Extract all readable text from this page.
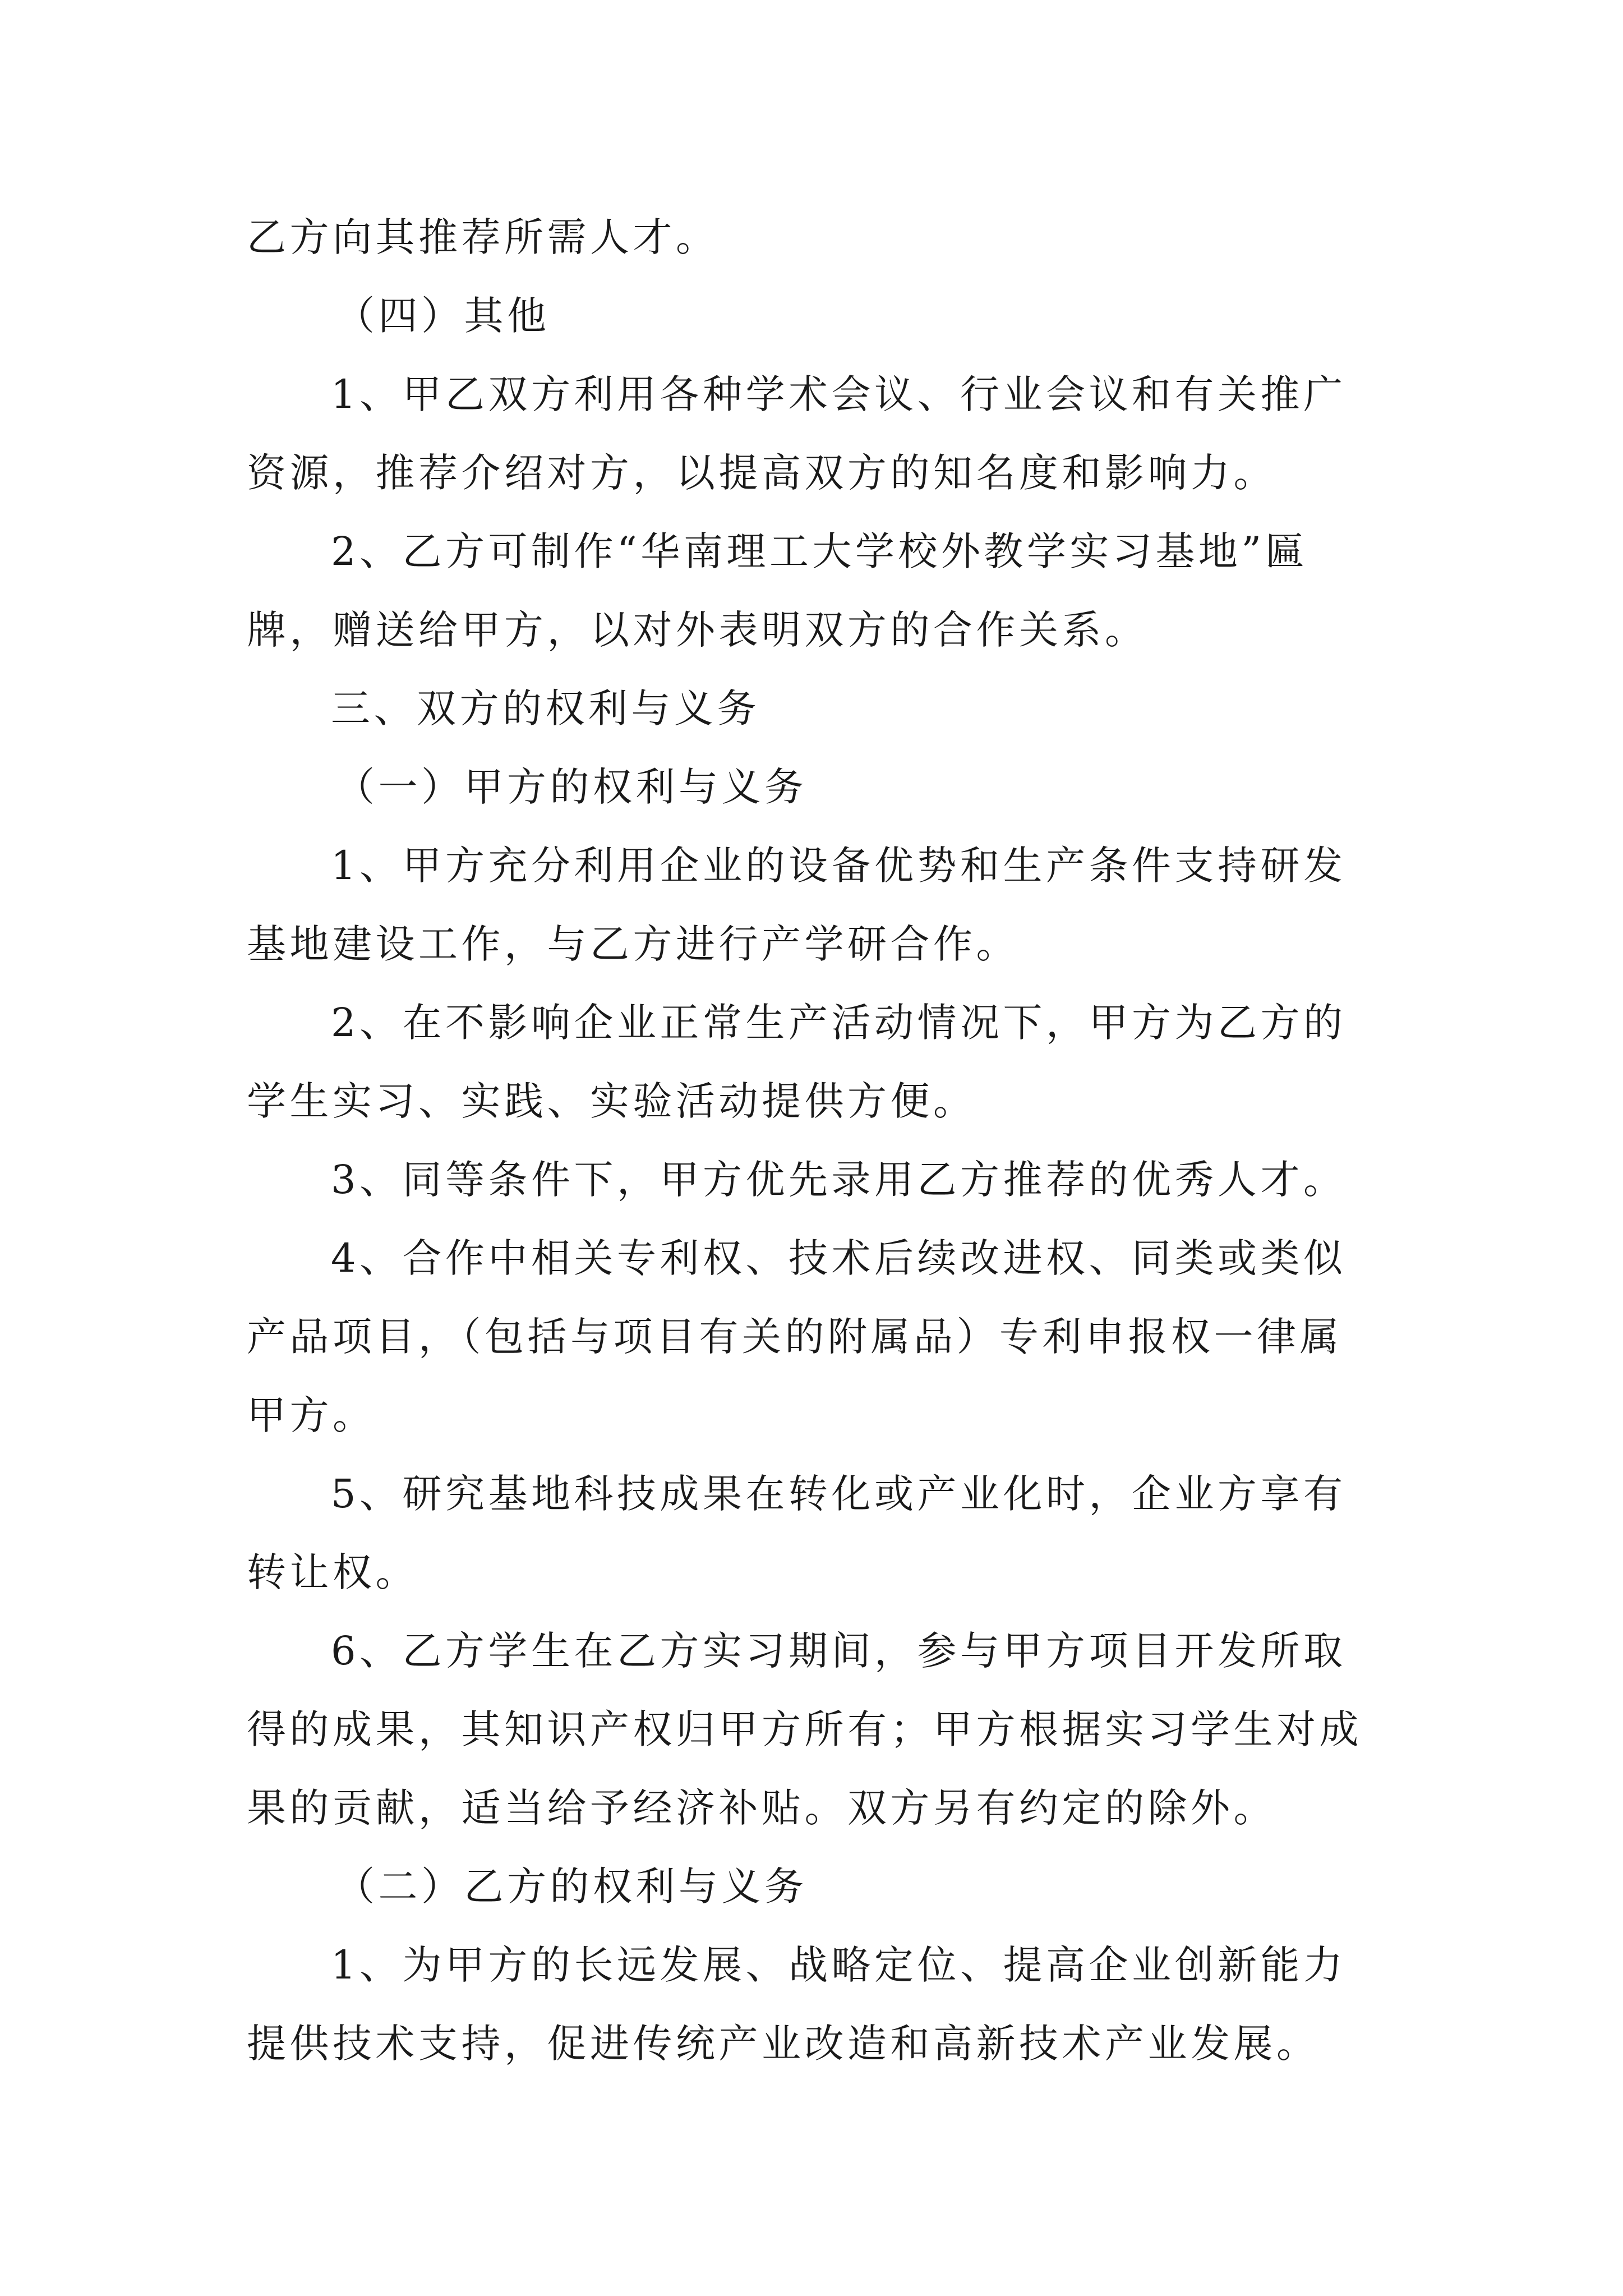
乙方向其推荐所需人才。
（四）其他
1、甲乙双方利用各种学术会议、行业会议和有关推广
资源，推荐介绍对方，以提高双方的知名度和影响力。
2、乙方可制作“华南理工大学校外教学实习基地”匾
牌，赠送给甲方，以对外表明双方的合作关系。
三、双方的权利与义务
（一）甲方的权利与义务
1、甲方充分利用企业的设备优势和生产条件支持研发
基地建设工作，与乙方进行产学研合作。
2、在不影响企业正常生产活动情况下，甲方为乙方的
学生实习、实践、实验活动提供方便。
3、同等条件下，甲方优先录用乙方推荐的优秀人才。
4、合作中相关专利权、技术后续改进权、同类或类似
产品项目，（包括与项目有关的附属品）专利申报权一律属
甲方。
5、研究基地科技成果在转化或产业化时，企业方享有
转让权。
6、乙方学生在乙方实习期间，参与甲方项目开发所取
得的成果，其知识产权归甲方所有；甲方根据实习学生对成
果的贡献，适当给予经济补贴。双方另有约定的除外。
（二）乙方的权利与义务
1、为甲方的长远发展、战略定位、提高企业创新能力
提供技术支持，促进传统产业改造和高新技术产业发展。
